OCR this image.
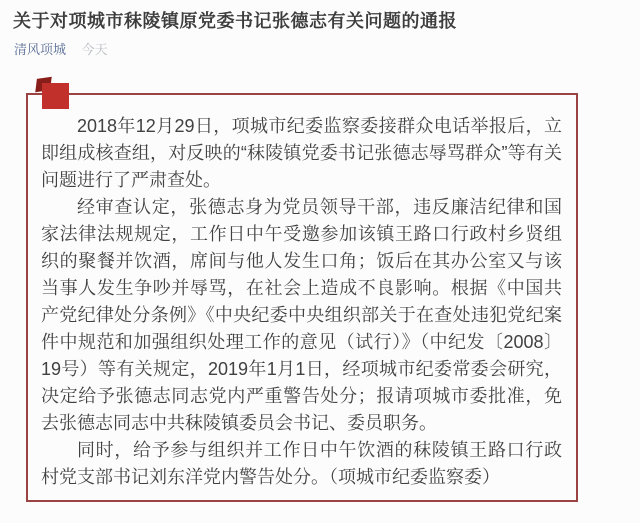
关于对项城市秣陵镇原党委书记张德志有关问题的通报
清风项城 今天

2018年12月29日，项城市纪委监察委接群众电话举报后，立即组成核查组，对反映的“秣陵镇党委书记张德志辱骂群众”等有关问题进行了严肃查处。

经审查认定，张德志身为党员领导干部，违反廉洁纪律和国家法律法规规定，工作日中午受邀参加该镇王路口行政村乡贤组织的聚餐并饮酒，席间与他人发生口角；饭后在其办公室又与该当事人发生争吵并辱骂，在社会上造成不良影响。根据《中国共产党纪律处分条例》《中央纪委中央组织部关于在查处违犯党纪案件中规范和加强组织处理工作的意见（试行）》（中纪发〔2008〕19号）等有关规定，2019年1月1日，经项城市纪委常委会研究，决定给予张德志同志党内严重警告处分；报请项城市委批准，免去张德志同志中共秣陵镇委员会书记、委员职务。

同时，给予参与组织并工作日中午饮酒的秣陵镇王路口行政村党支部书记刘东洋党内警告处分。（项城市纪委监察委）
